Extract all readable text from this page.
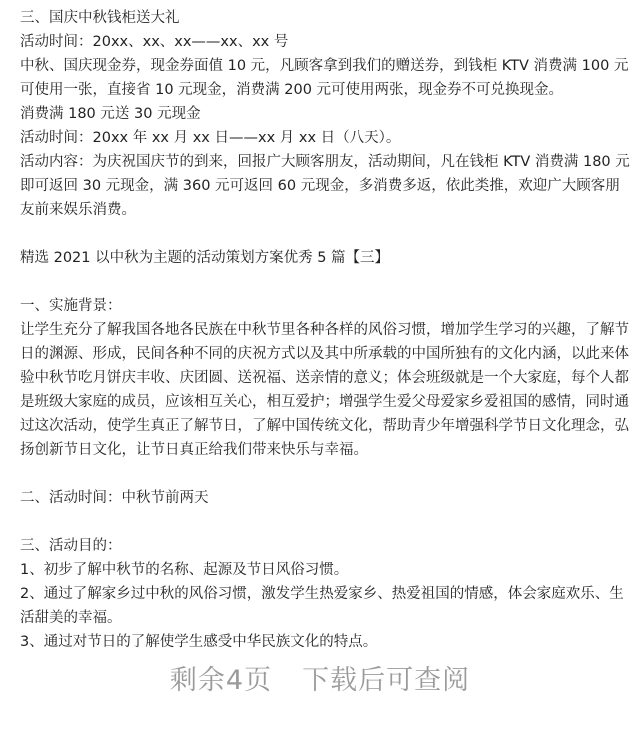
三、国庆中秋钱柜送大礼

活动时间：20xx、xx、xx——xx、xx 号

中秋、国庆现金券，现金券面值 10 元，凡顾客拿到我们的赠送券，到钱柜 KTV 消费满 100 元可使用一张，直接省 10 元现金，消费满 200 元可使用两张，现金券不可兑换现金。

消费满 180 元送 30 元现金

活动时间：20xx 年 xx 月 xx 日——xx 月 xx 日（八天）。

活动内容：为庆祝国庆节的到来，回报广大顾客朋友，活动期间，凡在钱柜 KTV 消费满 180 元即可返回 30 元现金，满 360 元可返回 60 元现金，多消费多返，依此类推，欢迎广大顾客朋友前来娱乐消费。

精选 2021 以中秋为主题的活动策划方案优秀 5 篇【三】

一、实施背景：

让学生充分了解我国各地各民族在中秋节里各种各样的风俗习惯，增加学生学习的兴趣，了解节日的渊源、形成，民间各种不同的庆祝方式以及其中所承载的中国所独有的文化内涵，以此来体验中秋节吃月饼庆丰收、庆团圆、送祝福、送亲情的意义；体会班级就是一个大家庭，每个人都是班级大家庭的成员，应该相互关心，相互爱护；增强学生爱父母爱家乡爱祖国的感情，同时通过这次活动，使学生真正了解节日，了解中国传统文化，帮助青少年增强科学节日文化理念，弘扬创新节日文化，让节日真正给我们带来快乐与幸福。

二、活动时间：中秋节前两天

三、活动目的：

1、初步了解中秋节的名称、起源及节日风俗习惯。

2、通过了解家乡过中秋的风俗习惯，激发学生热爱家乡、热爱祖国的情感，体会家庭欢乐、生活甜美的幸福。

3、通过对节日的了解使学生感受中华民族文化的特点。

剩余4页 下载后可查阅
